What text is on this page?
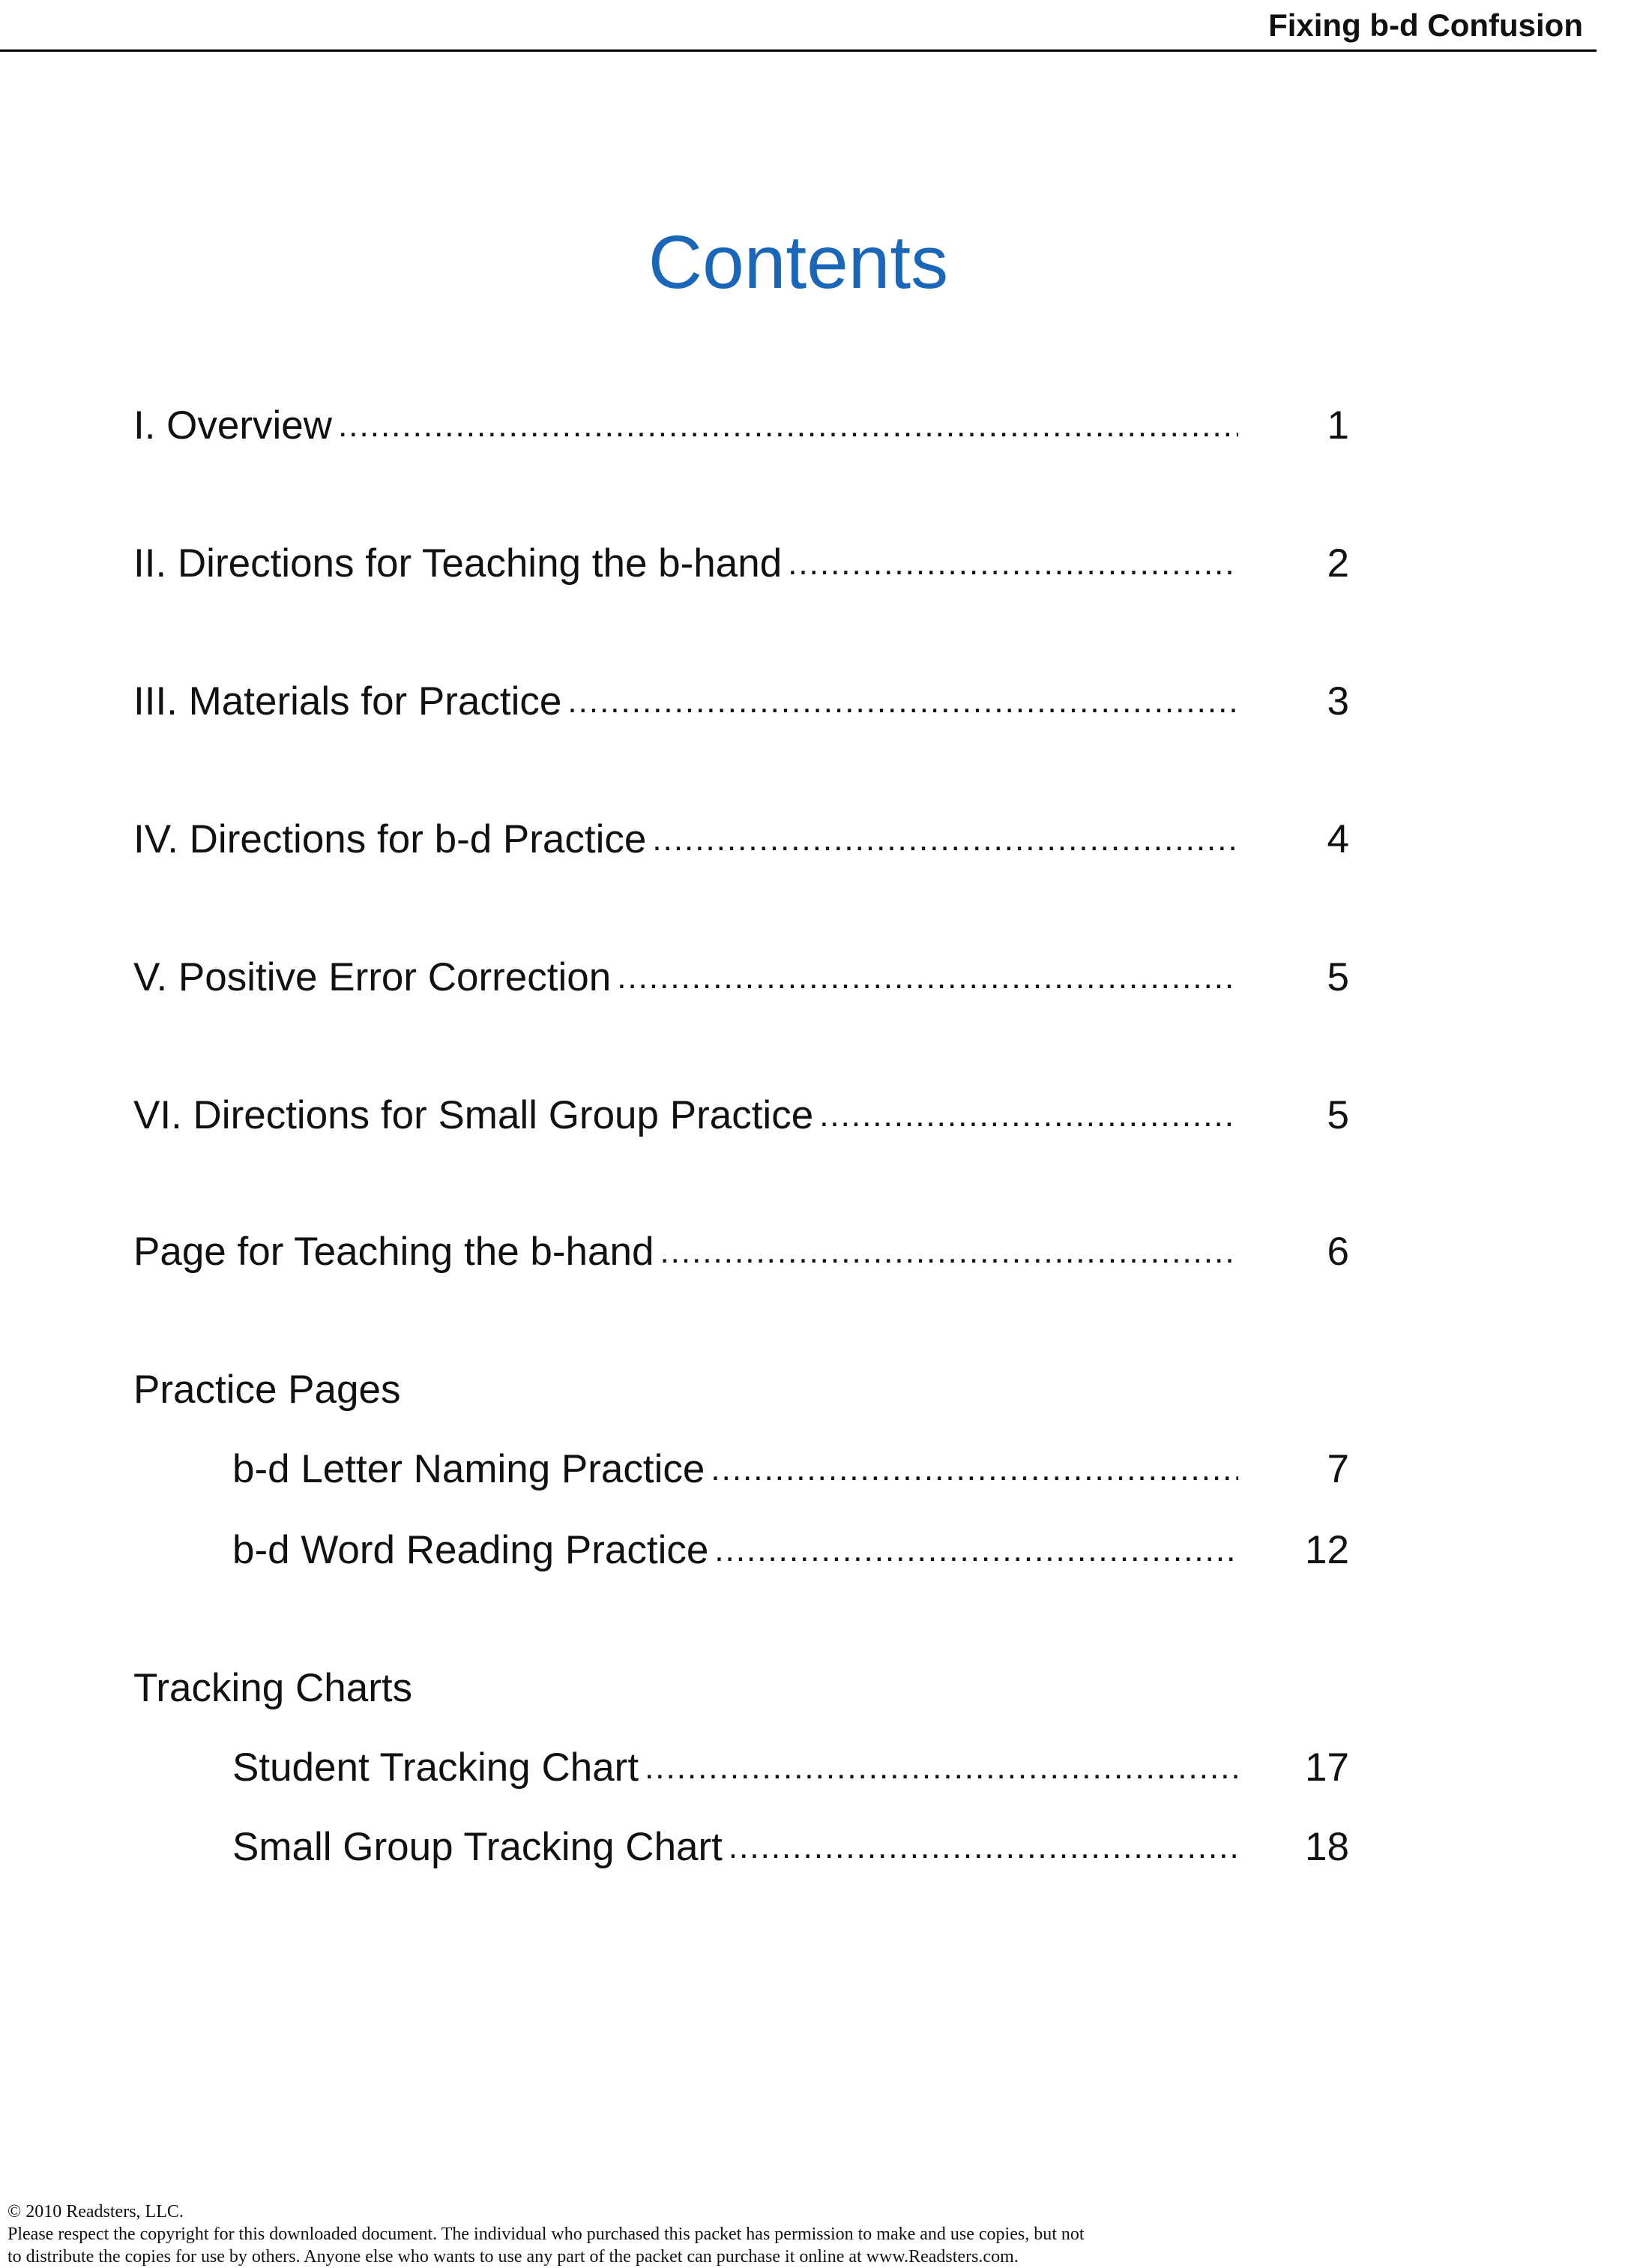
Fixing b-d Confusion
Contents
I. Overview .....	1
II. Directions for Teaching the b-hand .....	2
III. Materials for Practice .....	3
IV. Directions for b-d Practice .....	4
V. Positive Error Correction .....	5
VI. Directions for Small Group Practice .....	5
Page for Teaching the b-hand .....	6
Practice Pages
b-d Letter Naming Practice .....	7
b-d Word Reading Practice .....	12
Tracking Charts
Student Tracking Chart .....	17
Small Group Tracking Chart .....	18
© 2010 Readsters, LLC.
Please respect the copyright for this downloaded document. The individual who purchased this packet has permission to make and use copies, but not
to distribute the copies for use by others. Anyone else who wants to use any part of the packet can purchase it online at www.Readsters.com.
